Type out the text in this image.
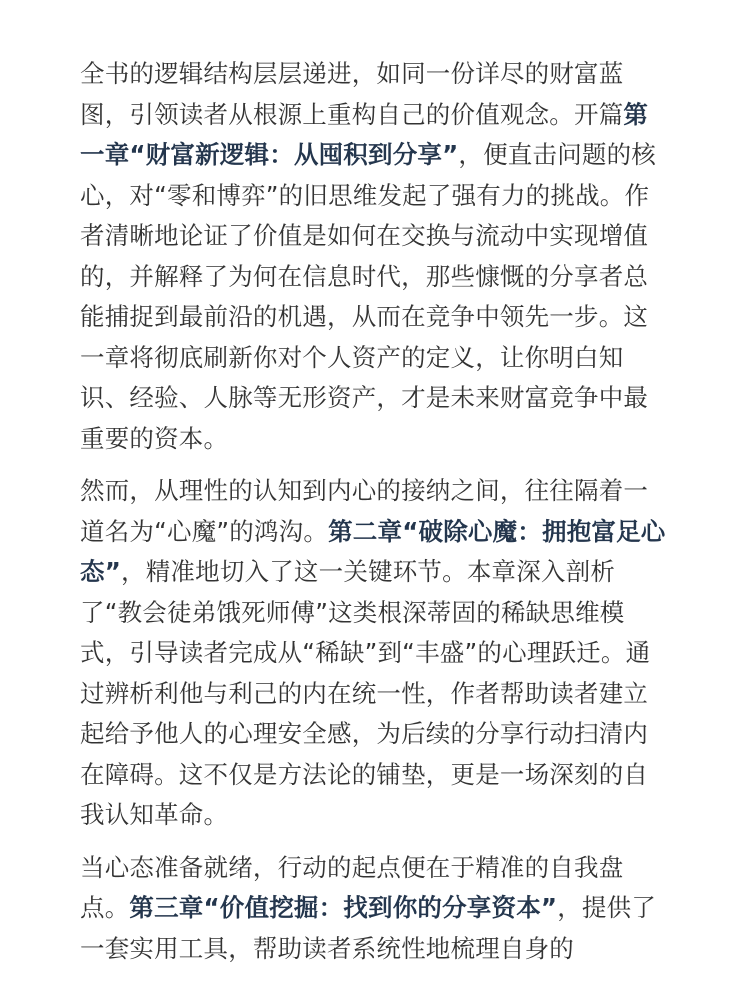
全书的逻辑结构层层递进，如同一份详尽的财富蓝图，引领读者从根源上重构自己的价值观念。开篇第一章“财富新逻辑：从囤积到分享”，便直击问题的核心，对“零和博弈”的旧思维发起了强有力的挑战。作者清晰地论证了价值是如何在交换与流动中实现增值的，并解释了为何在信息时代，那些慷慨的分享者总能捕捉到最前沿的机遇，从而在竞争中领先一步。这一章将彻底刷新你对个人资产的定义，让你明白知识、经验、人脉等无形资产，才是未来财富竞争中最重要的资本。

然而，从理性的认知到内心的接纳之间，往往隔着一道名为“心魔”的鸿沟。第二章“破除心魔：拥抱富足心态”，精准地切入了这一关键环节。本章深入剖析了“教会徒弟饿死师傅”这类根深蒂固的稀缺思维模式，引导读者完成从“稀缺”到“丰盛”的心理跃迁。通过辨析利他与利己的内在统一性，作者帮助读者建立起给予他人的心理安全感，为后续的分享行动扫清内在障碍。这不仅是方法论的铺垫，更是一场深刻的自我认知革命。

当心态准备就绪，行动的起点便在于精准的自我盘点。第三章“价值挖掘：找到你的分享资本”，提供了一套实用工具，帮助读者系统性地梳理自身的
